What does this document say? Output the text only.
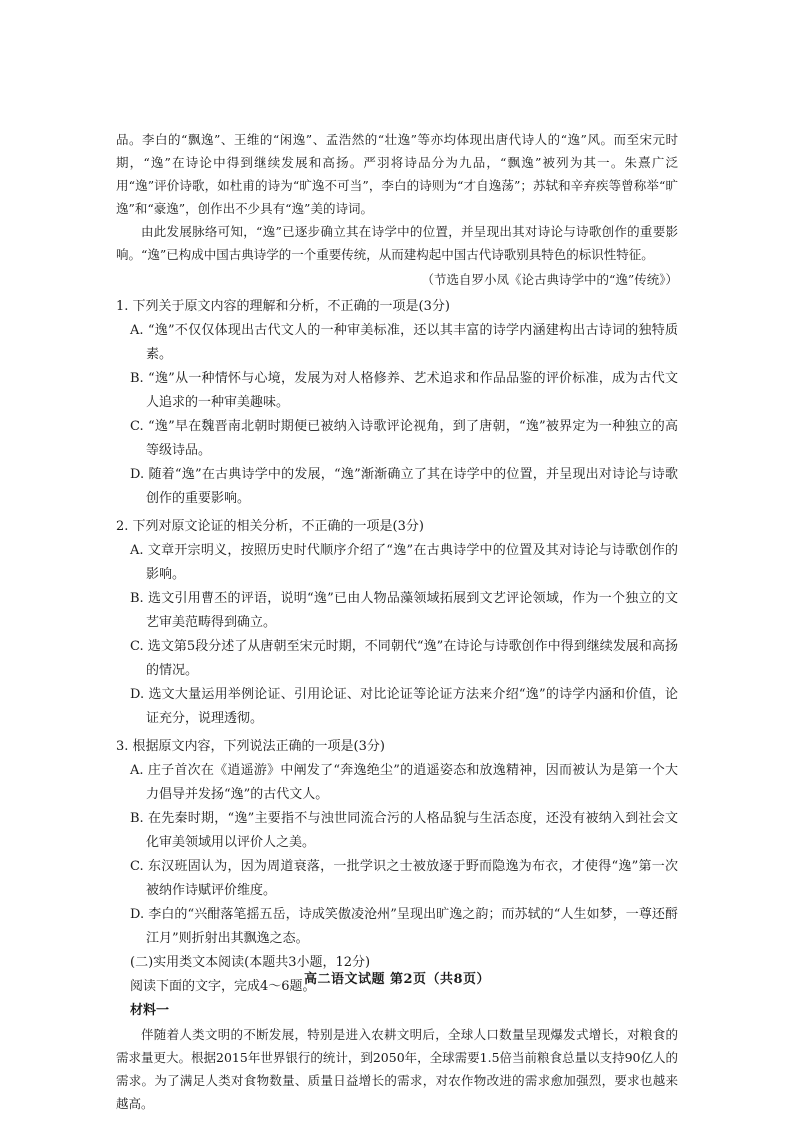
品。李白的“飘逸”、王维的“闲逸”、孟浩然的“壮逸”等亦均体现出唐代诗人的“逸”风。而至宋元时期，“逸”在诗论中得到继续发展和高扬。严羽将诗品分为九品，“飘逸”被列为其一。朱熹广泛用“逸”评价诗歌，如杜甫的诗为“旷逸不可当”，李白的诗则为“才自逸荡”；苏轼和辛弃疾等曾称举“旷逸”和“豪逸”，创作出不少具有“逸”美的诗词。

由此发展脉络可知，“逸”已逐步确立其在诗学中的位置，并呈现出其对诗论与诗歌创作的重要影响。“逸”已构成中国古典诗学的一个重要传统，从而建构起中国古代诗歌别具特色的标识性特征。

（节选自罗小凤《论古典诗学中的“逸”传统》）

1. 下列关于原文内容的理解和分析，不正确的一项是(3分)

A. “逸”不仅仅体现出古代文人的一种审美标准，还以其丰富的诗学内涵建构出古诗词的独特质素。

B. “逸”从一种情怀与心境，发展为对人格修养、艺术追求和作品品鉴的评价标准，成为古代文人追求的一种审美趣味。

C. “逸”早在魏晋南北朝时期便已被纳入诗歌评论视角，到了唐朝，“逸”被界定为一种独立的高等级诗品。

D. 随着“逸”在古典诗学中的发展，“逸”渐渐确立了其在诗学中的位置，并呈现出对诗论与诗歌创作的重要影响。

2. 下列对原文论证的相关分析，不正确的一项是(3分)

A. 文章开宗明义，按照历史时代顺序介绍了“逸”在古典诗学中的位置及其对诗论与诗歌创作的影响。

B. 选文引用曹丕的评语，说明“逸”已由人物品藻领域拓展到文艺评论领域，作为一个独立的文艺审美范畴得到确立。

C. 选文第5段分述了从唐朝至宋元时期，不同朝代“逸”在诗论与诗歌创作中得到继续发展和高扬的情况。

D. 选文大量运用举例论证、引用论证、对比论证等论证方法来介绍“逸”的诗学内涵和价值，论证充分，说理透彻。

3. 根据原文内容，下列说法正确的一项是(3分)

A. 庄子首次在《逍遥游》中阐发了“奔逸绝尘”的逍遥姿态和放逸精神，因而被认为是第一个大力倡导并发扬“逸”的古代文人。

B. 在先秦时期，“逸”主要指不与浊世同流合污的人格品貌与生活态度，还没有被纳入到社会文化审美领域用以评价人之美。

C. 东汉班固认为，因为周道衰落，一批学识之士被放逐于野而隐逸为布衣，才使得“逸”第一次被纳作诗赋评价维度。

D. 李白的“兴酣落笔摇五岳，诗成笑傲凌沧州”呈现出旷逸之韵；而苏轼的“人生如梦，一尊还酹江月”则折射出其飘逸之态。

(二)实用类文本阅读(本题共3小题，12分)

阅读下面的文字，完成4～6题。

材料一

伴随着人类文明的不断发展，特别是进入农耕文明后，全球人口数量呈现爆发式增长，对粮食的需求量更大。根据2015年世界银行的统计，到2050年，全球需要1.5倍当前粮食总量以支持90亿人的需求。为了满足人类对食物数量、质量日益增长的需求，对农作物改进的需求愈加强烈，要求也越来越高。

高二语文试题 第2页（共8页）
